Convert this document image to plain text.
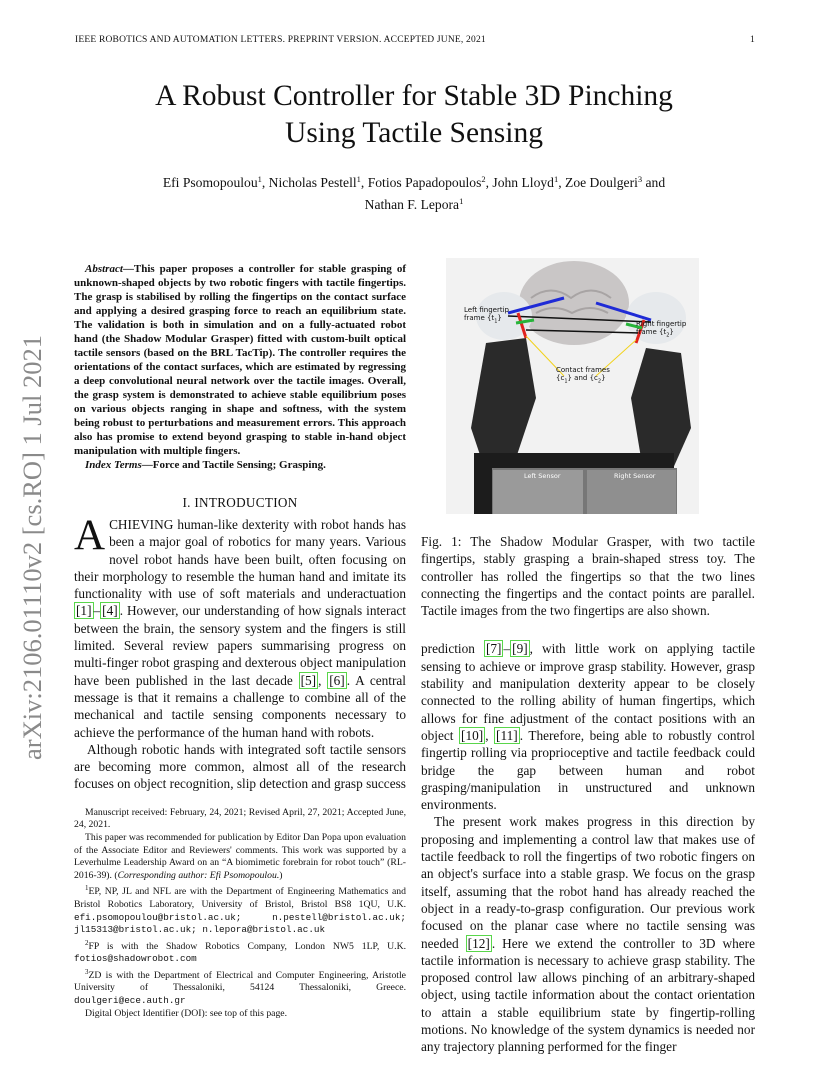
IEEE ROBOTICS AND AUTOMATION LETTERS. PREPRINT VERSION. ACCEPTED JUNE, 2021	1
A Robust Controller for Stable 3D Pinching
Using Tactile Sensing
Efi Psomopoulou$^1$, Nicholas Pestell$^1$, Fotios Papadopoulos$^2$, John Lloyd$^1$, Zoe Doulgeri$^3$ and
Nathan F. Lepora$^1$
arXiv:2106.01110v2 [cs.RO] 1 Jul 2021

Abstract—This paper proposes a controller for stable grasping of unknown-shaped objects by two robotic fingers with tactile fingertips. The grasp is stabilised by rolling the fingertips on the contact surface and applying a desired grasping force to reach an equilibrium state. The validation is both in simulation and on a fully-actuated robot hand (the Shadow Modular Grasper) fitted with custom-built optical tactile sensors (based on the BRL TacTip). The controller requires the orientations of the contact surfaces, which are estimated by regressing a deep convolutional neural network over the tactile images. Overall, the grasp system is demonstrated to achieve stable equilibrium poses on various objects ranging in shape and softness, with the system being robust to perturbations and measurement errors. This approach also has promise to extend beyond grasping to stable in-hand object manipulation with multiple fingers.

Index Terms—Force and Tactile Sensing; Grasping.

I. INTRODUCTION

ACHIEVING human-like dexterity with robot hands has been a major goal of robotics for many years. Various novel robot hands have been built, often focusing on their morphology to resemble the human hand and imitate its functionality with use of soft materials and underactuation [1] – [4] . However, our understanding of how signals interact between the brain, the sensory system and the fingers is still limited. Several review papers summarising progress on multi-finger robot grasping and dexterous object manipulation have been published in the last decade [5] , [6] . A central message is that it remains a challenge to combine all of the mechanical and tactile sensing components necessary to achieve the performance of the human hand with robots.

Although robotic hands with integrated soft tactile sensors are becoming more common, almost all of the research focuses on object recognition, slip detection and grasp success

Manuscript received: February, 24, 2021; Revised April, 27, 2021; Accepted June, 24, 2021.

This paper was recommended for publication by Editor Dan Popa upon evaluation of the Associate Editor and Reviewers' comments. This work was supported by a Leverhulme Leadership Award on an “A biomimetic forebrain for robot touch” (RL-2016-39). (Corresponding author: Efi Psomopoulou.)

$^1$EP, NP, JL and NFL are with the Department of Engineering Mathematics and Bristol Robotics Laboratory, University of Bristol, Bristol BS8 1QU, U.K. efi.psomopoulou@bristol.ac.uk; n.pestell@bristol.ac.uk; jl15313@bristol.ac.uk; n.lepora@bristol.ac.uk

$^2$FP is with the Shadow Robotics Company, London NW5 1LP, U.K. fotios@shadowrobot.com

$^3$ZD is with the Department of Electrical and Computer Engineering, Aristotle University of Thessaloniki, 54124 Thessaloniki, Greece. doulgeri@ece.auth.gr

Digital Object Identifier (DOI): see top of this page.

Left fingertip frame $\{t_1\}$
Right fingertip frame $\{t_2\}$
Contact frames $\{c_1\}$ and $\{c_2\}$
Left Sensor	Right Sensor

Fig. 1: The Shadow Modular Grasper, with two tactile fingertips, stably grasping a brain-shaped stress toy. The controller has rolled the fingertips so that the two lines connecting the fingertips and the contact points are parallel. Tactile images from the two fingertips are also shown.

prediction [7] – [9] , with little work on applying tactile sensing to achieve or improve grasp stability. However, grasp stability and manipulation dexterity appear to be closely connected to the rolling ability of human fingertips, which allows for fine adjustment of the contact positions with an object [10] , [11] . Therefore, being able to robustly control fingertip rolling via proprioceptive and tactile feedback could bridge the gap between human and robot grasping/manipulation in unstructured and unknown environments.

The present work makes progress in this direction by proposing and implementing a control law that makes use of tactile feedback to roll the fingertips of two robotic fingers on an object's surface into a stable grasp. We focus on the grasp itself, assuming that the robot hand has already reached the object in a ready-to-grasp configuration. Our previous work focused on the planar case where no tactile sensing was needed [12] . Here we extend the controller to 3D where tactile information is necessary to achieve grasp stability. The proposed control law allows pinching of an arbitrary-shaped object, using tactile information about the contact orientation to attain a stable equilibrium state by fingertip-rolling motions. No knowledge of the system dynamics is needed nor any trajectory planning performed for the finger
